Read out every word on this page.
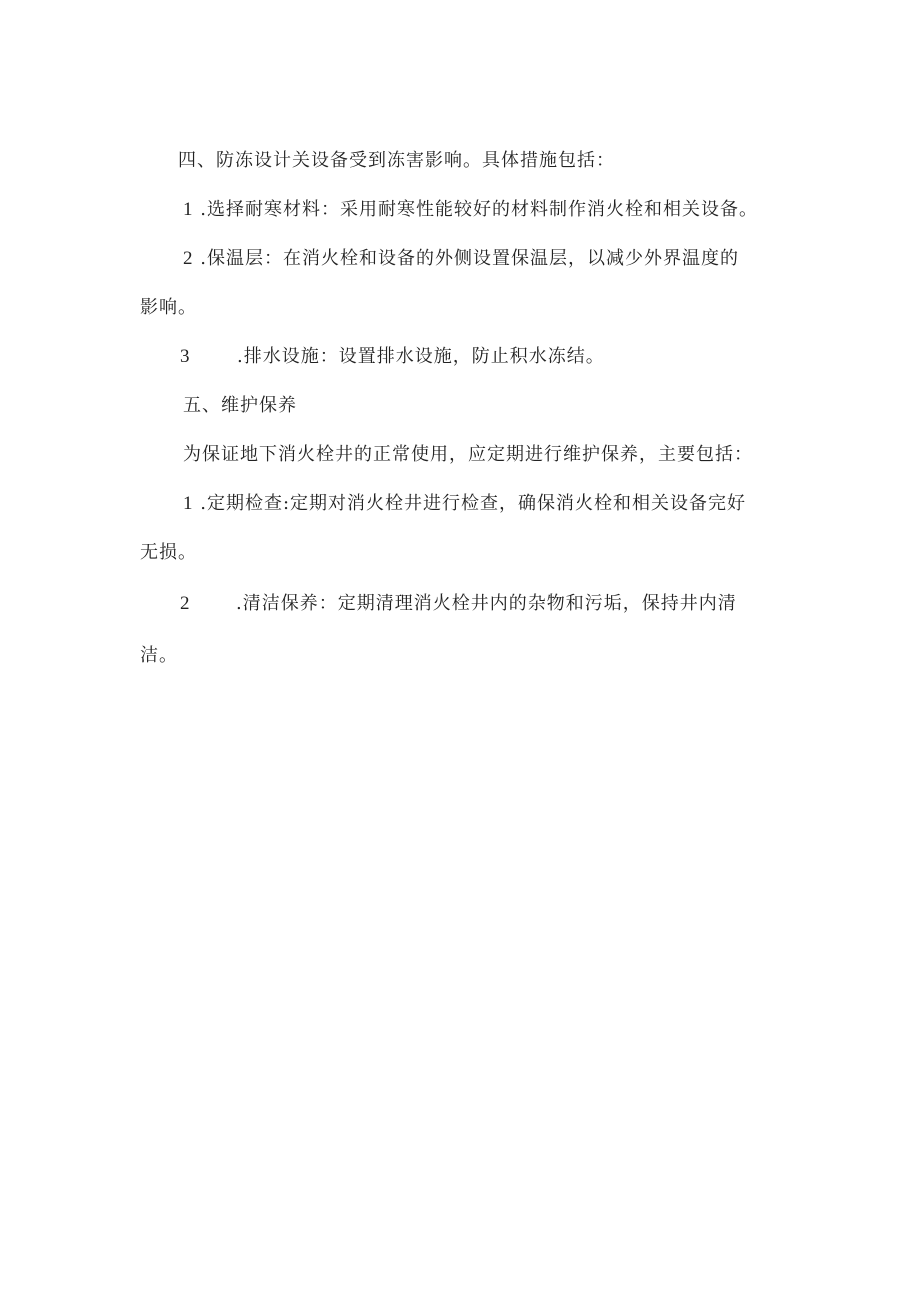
四、防冻设计关设备受到冻害影响。具体措施包括：
1 .选择耐寒材料：采用耐寒性能较好的材料制作消火栓和相关设备。
2 .保温层：在消火栓和设备的外侧设置保温层，以减少外界温度的
影响。
3	.排水设施：设置排水设施，防止积水冻结。
五、维护保养
为保证地下消火栓井的正常使用，应定期进行维护保养，主要包括：
1 .定期检查:定期对消火栓井进行检查，确保消火栓和相关设备完好
无损。
2	.清洁保养：定期清理消火栓井内的杂物和污垢，保持井内清
洁。
